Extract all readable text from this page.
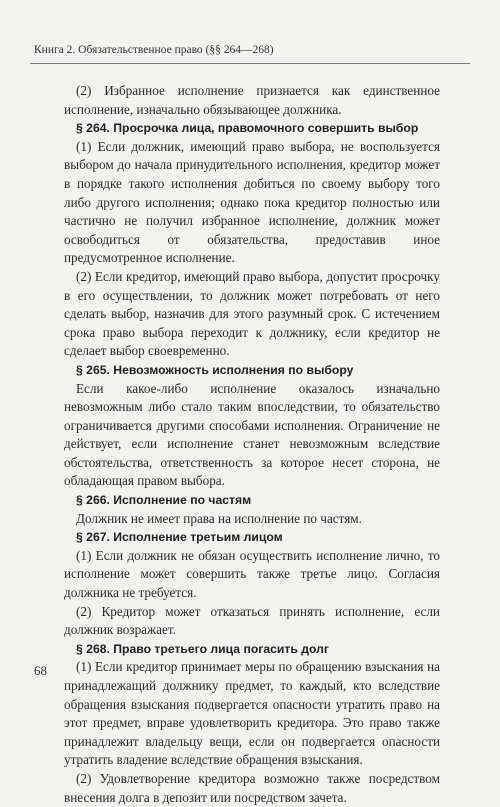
Книга 2. Обязательственное право (§§ 264—268)

(2) Избранное исполнение признается как единственное исполнение, изначально обязывающее должника.

§ 264. Просрочка лица, правомочного совершить выбор

(1) Если должник, имеющий право выбора, не воспользуется выбором до начала принудительного исполнения, кредитор может в порядке такого исполнения добиться по своему выбору того либо другого исполнения; однако пока кредитор полностью или частично не получил избранное исполнение, должник может освободиться от обязательства, предоставив иное предусмотренное исполнение.

(2) Если кредитор, имеющий право выбора, допустит просрочку в его осуществлении, то должник может потребовать от него сделать выбор, назначив для этого разумный срок. С истечением срока право выбора переходит к должнику, если кредитор не сделает выбор своевременно.

§ 265. Невозможность исполнения по выбору

Если какое-либо исполнение оказалось изначально невозможным либо стало таким впоследствии, то обязательство ограничивается другими способами исполнения. Ограничение не действует, если исполнение станет невозможным вследствие обстоятельства, ответственность за которое несет сторона, не обладающая правом выбора.

§ 266. Исполнение по частям

Должник не имеет права на исполнение по частям.

§ 267. Исполнение третьим лицом

(1) Если должник не обязан осуществить исполнение лично, то исполнение может совершить также третье лицо. Согласия должника не требуется.

(2) Кредитор может отказаться принять исполнение, если должник возражает.

§ 268. Право третьего лица погасить долг

(1) Если кредитор принимает меры по обращению взыскания на принадлежащий должнику предмет, то каждый, кто вследствие обращения взыскания подвергается опасности утратить право на этот предмет, вправе удовлетворить кредитора. Это право также принадлежит владельцу вещи, если он подвергается опасности утратить владение вследствие обращения взыскания.

(2) Удовлетворение кредитора возможно также посредством внесения долга в депозит или посредством зачета.

68
